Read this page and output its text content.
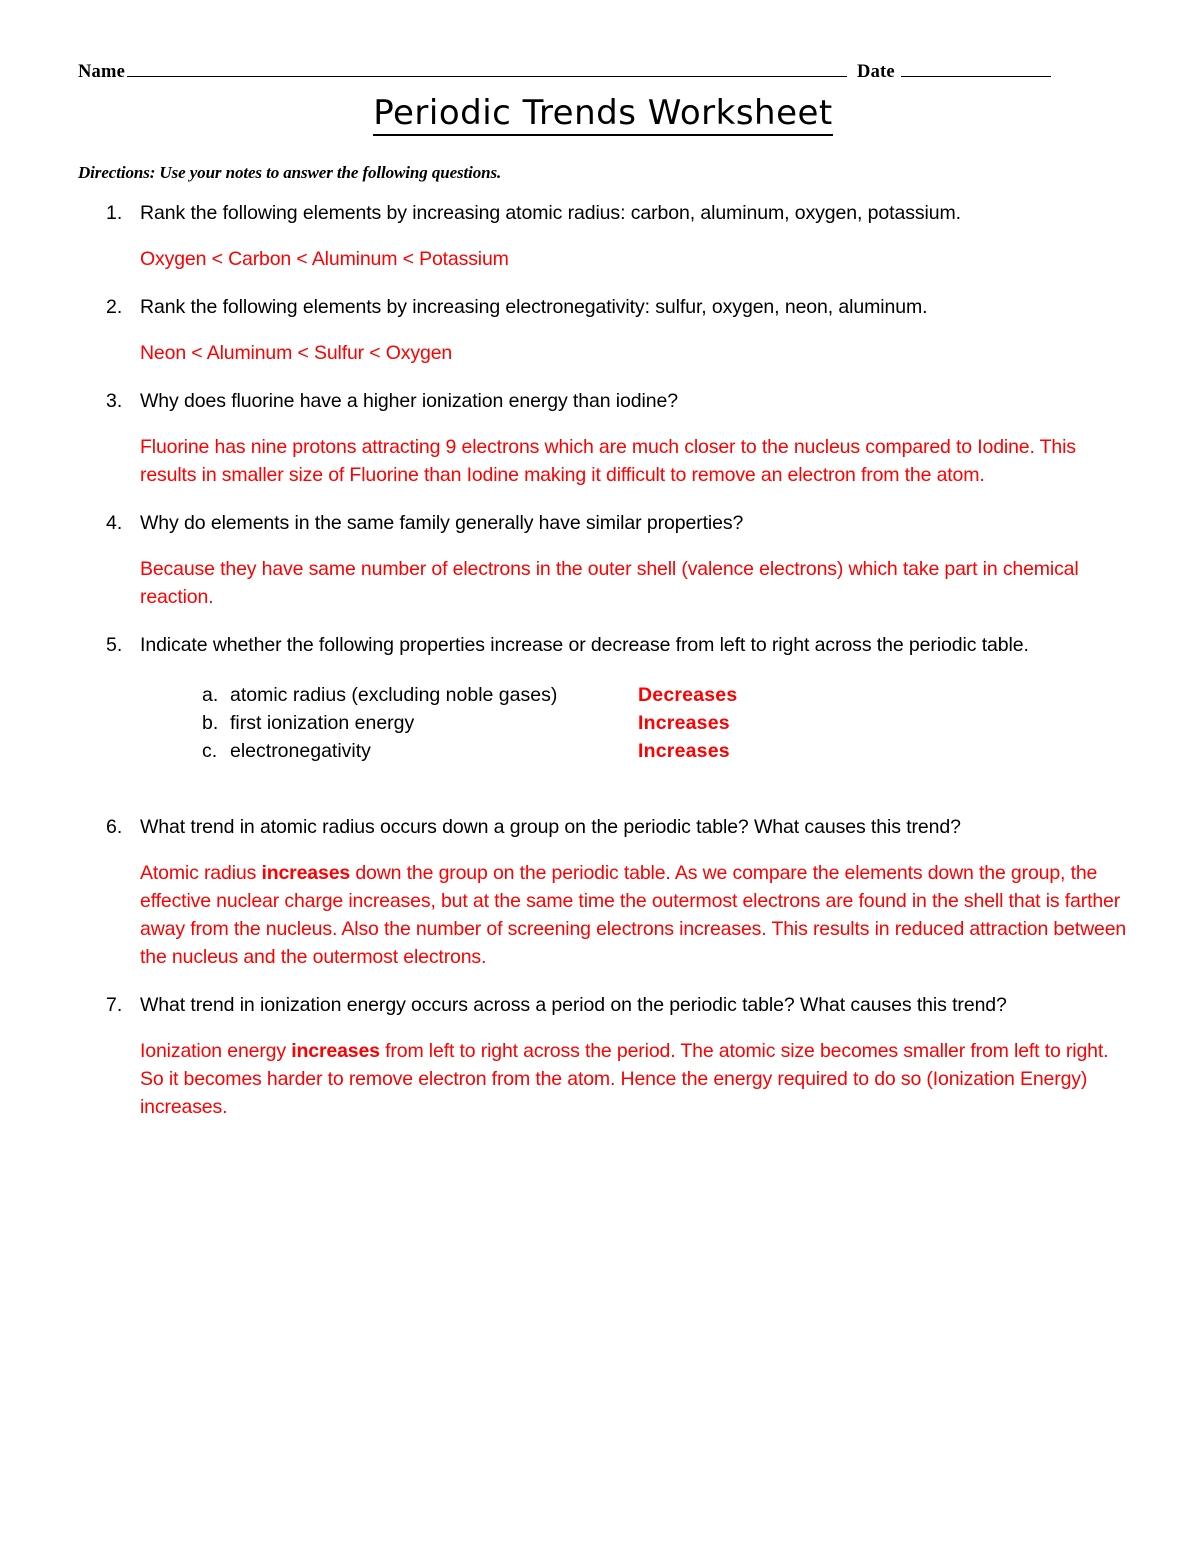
Name	Date
Periodic Trends Worksheet
Directions: Use your notes to answer the following questions.
1. Rank the following elements by increasing atomic radius: carbon, aluminum, oxygen, potassium.
Oxygen < Carbon < Aluminum < Potassium
2. Rank the following elements by increasing electronegativity: sulfur, oxygen, neon, aluminum.
Neon < Aluminum < Sulfur < Oxygen
3. Why does fluorine have a higher ionization energy than iodine?
Fluorine has nine protons attracting 9 electrons which are much closer to the nucleus compared to Iodine. This results in smaller size of Fluorine than Iodine making it difficult to remove an electron from the atom.
4. Why do elements in the same family generally have similar properties?
Because they have same number of electrons in the outer shell (valence electrons) which take part in chemical reaction.
5. Indicate whether the following properties increase or decrease from left to right across the periodic table.
a. atomic radius (excluding noble gases)	Decreases
b. first ionization energy	Increases
c. electronegativity	Increases
6. What trend in atomic radius occurs down a group on the periodic table? What causes this trend?
Atomic radius increases down the group on the periodic table. As we compare the elements down the group, the effective nuclear charge increases, but at the same time the outermost electrons are found in the shell that is farther away from the nucleus. Also the number of screening electrons increases. This results in reduced attraction between the nucleus and the outermost electrons.
7. What trend in ionization energy occurs across a period on the periodic table? What causes this trend?
Ionization energy increases from left to right across the period. The atomic size becomes smaller from left to right. So it becomes harder to remove electron from the atom. Hence the energy required to do so (Ionization Energy) increases.
